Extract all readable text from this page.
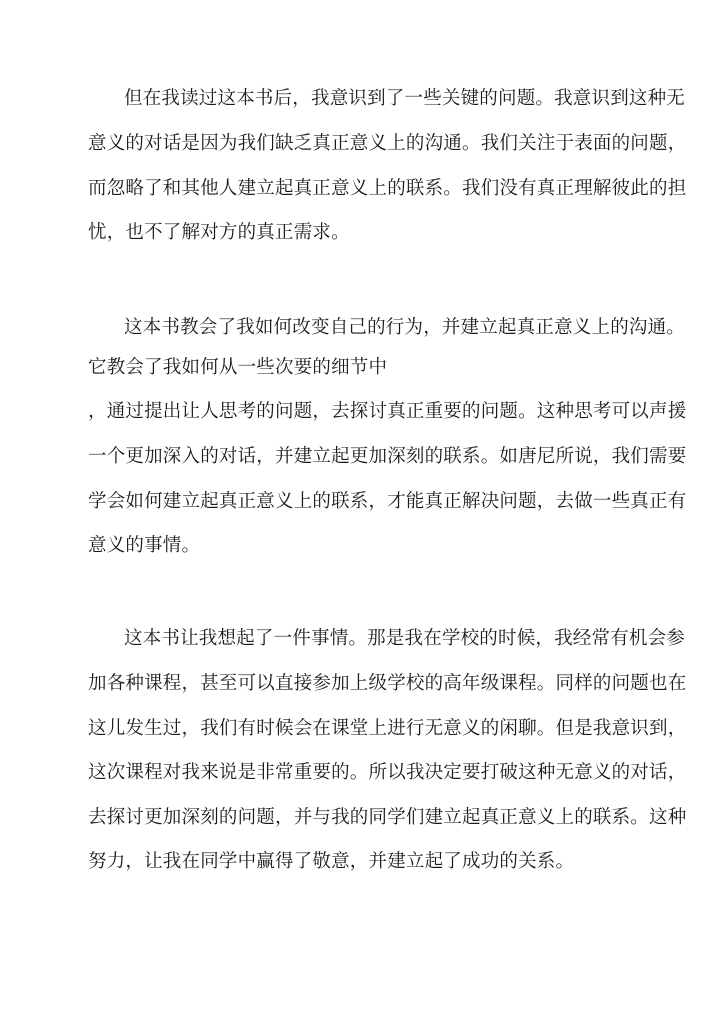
但在我读过这本书后，我意识到了一些关键的问题。我意识到这种无
意义的对话是因为我们缺乏真正意义上的沟通。我们关注于表面的问题，
而忽略了和其他人建立起真正意义上的联系。我们没有真正理解彼此的担
忧，也不了解对方的真正需求。
这本书教会了我如何改变自己的行为，并建立起真正意义上的沟通。
它教会了我如何从一些次要的细节中
，通过提出让人思考的问题，去探讨真正重要的问题。这种思考可以声援
一个更加深入的对话，并建立起更加深刻的联系。如唐尼所说，我们需要
学会如何建立起真正意义上的联系，才能真正解决问题，去做一些真正有
意义的事情。
这本书让我想起了一件事情。那是我在学校的时候，我经常有机会参
加各种课程，甚至可以直接参加上级学校的高年级课程。同样的问题也在
这儿发生过，我们有时候会在课堂上进行无意义的闲聊。但是我意识到，
这次课程对我来说是非常重要的。所以我决定要打破这种无意义的对话，
去探讨更加深刻的问题，并与我的同学们建立起真正意义上的联系。这种
努力，让我在同学中赢得了敬意，并建立起了成功的关系。
